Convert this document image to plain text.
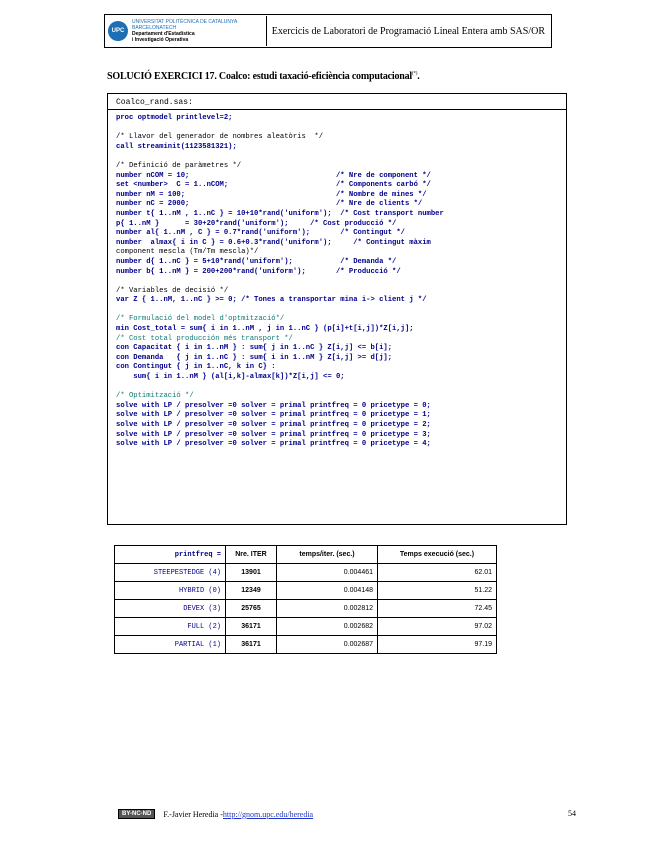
UPC
UNIVERSITAT POLITÈCNICA DE CATALUNYA
BARCELONATECH
Departament d'Estadística
i Investigació Operativa
Exercicis de Laboratori de Programació Lineal Entera amb SAS/OR
SOLUCIÓ EXERCICI 17. Coalco: estudi taxació-eficiència computacional(*).
Coalco_rand.sas:
proc optmodel printlevel=2;
/* Llavor del generador de nombres aleatòris  */
call streaminit(1123581321);
/* Definició de paràmetres */
number nCOM = 10;                                  /* Nre de component */
set <number>  C = 1..nCOM;                         /* Components carbó */
number nM = 100;                                   /* Nombre de mines */
number nC = 2000;                                  /* Nre de clients */
number t{ 1..nM , 1..nC } = 10+10*rand('uniform');  /* Cost transport number
p{ 1..nM }      = 30+20*rand('uniform');     /* Cost producció */
number al{ 1..nM , C } = 0.7*rand('uniform');       /* Contingut */
number  almax{ i in C } = 0.6+0.3*rand('uniform');     /* Contingut màxim
component mescla (Tm/Tm mescla)*/
number d{ 1..nC } = 5+10*rand('uniform');           /* Demanda */
number b{ 1..nM } = 200+200*rand('uniform');       /* Producció */
/* Variables de decisió */
var Z { 1..nM, 1..nC } >= 0; /* Tones a transportar mina i-> client j */
/* Formulació del model d'optmització*/
min Cost_total = sum{ i in 1..nM , j in 1..nC } (p[i]+t[i,j])*Z[i,j];
/* Cost total producción més transport */
con Capacitat { i in 1..nM } : sum{ j in 1..nC } Z[i,j] <= b[i];
con Demanda   { j in 1..nC } : sum{ i in 1..nM } Z[i,j] >= d[j];
con Contingut { j in 1..nC, k in C} :
sum{ i in 1..nM } (al[i,k]-almax[k])*Z[i,j] <= 0;
/* Optimització */
solve with LP / presolver =0 solver = primal printfreq = 0 pricetype = 0;
solve with LP / presolver =0 solver = primal printfreq = 0 pricetype = 1;
solve with LP / presolver =0 solver = primal printfreq = 0 pricetype = 2;
solve with LP / presolver =0 solver = primal printfreq = 0 pricetype = 3;
solve with LP / presolver =0 solver = primal printfreq = 0 pricetype = 4;
printfreq =	Nre. ITER	temps/iter. (sec.)	Temps execució (sec.)
STEEPESTEDGE (4)	13901	0.004461	62.01
HYBRID (0)	12349	0.004148	51.22
DEVEX (3)	25765	0.002812	72.45
FULL (2)	36171	0.002682	97.02
PARTIAL (1)	36171	0.002687	97.19
BY-NC-ND	F.-Javier Heredia - http://gnom.upc.edu/heredia	54
